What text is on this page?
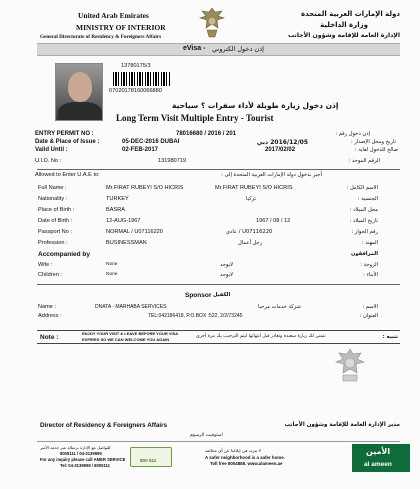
United Arab Emirates
MINISTRY OF INTERIOR
General Directorate of Residency & Foreigners Affairs
دولة الإمارات العربية المتحدة
وزارة الداخلية
الإدارة العامة للإقامة وشؤون الأجانب
eVisa - إذن دخول الكتروني
13780175/3
07020178160066880
إذن دخول زيارة طويلة لأداء سفرات ؟ سياحية
Long Term Visit Multiple Entry - Tourist
ENTRY PERMIT NO :	78016680 / 2016 / 201	إذن دخول رقم :
Date & Place of Issue :	05-DEC-2016 DUBAI	2016/12/05 دبي	تاريخ ومحل الإصدار :
Valid Until :	02-FEB-2017	2017/02/02	صالح للدخول لغاية :
U.I.D. No :	131980719	الرقم الموحد :
Allowed to Enter U.A.E to:	أجيز بدخول دولة الإمارات العربية المتحدة إلى :
Full Name :	Mr.FIRAT RUBEYI S/O HICRIS	Mr.FIRAT RUBEYI S/O HICRIS	الاسم الكامل :
Nationality :	TURKEY	تركيا	الجنسية :
Place of Birth :	BASRA	محل الميلاد :
Date of Birth :	12-AUG-1967	1967 / 08 / 12	تاريخ الميلاد :
Passport No :	NORMAL / U07116220	U07116220 / عادي	رقم الجواز :
Profession :	BUSINESSMAN	رجل أعمال	المهنة :
Accompanied by	المرافقون
Wife :	None	لايوجد	الزوجة :
Children :	None	لايوجد	الأبناء :
Sponsor الكفيل
Name :	DNATA - MARHABA SERVICES	شركة خدمات مرحبا	الاسم :
Address :	TEL:042186418, P.O.BOX :522, 2/2/73245	العنوان :
Note :
ENJOY YOUR VISIT & LEAVE BEFORE YOUR VISA
EXPIRES SO WE CAN WELCOME YOU AGAIN
نتمنى لك زيارة سعيدة وتغادر قبل انتهائها ليتم الترحيب بك مرة أخرى	تنبيه :
Director of Residency & Foreigners Affairs	مدير الإدارة العامة للإقامة وشؤون الأجانب
استوفيت الرسوم
للتواصل مع الإدارة برسالة عبر خدمة الأمير
8005111 / 04-3139999
For any inquiry please call AMER SERVICE
Tel: 04-3139999 / 8005111
800 511
لا تتردد في إبلاغنا عن أي مخالفة
A safer neighborhood is a safer home.
Toll free 8004888. www.alameen.ae
الأمين
al ameen
